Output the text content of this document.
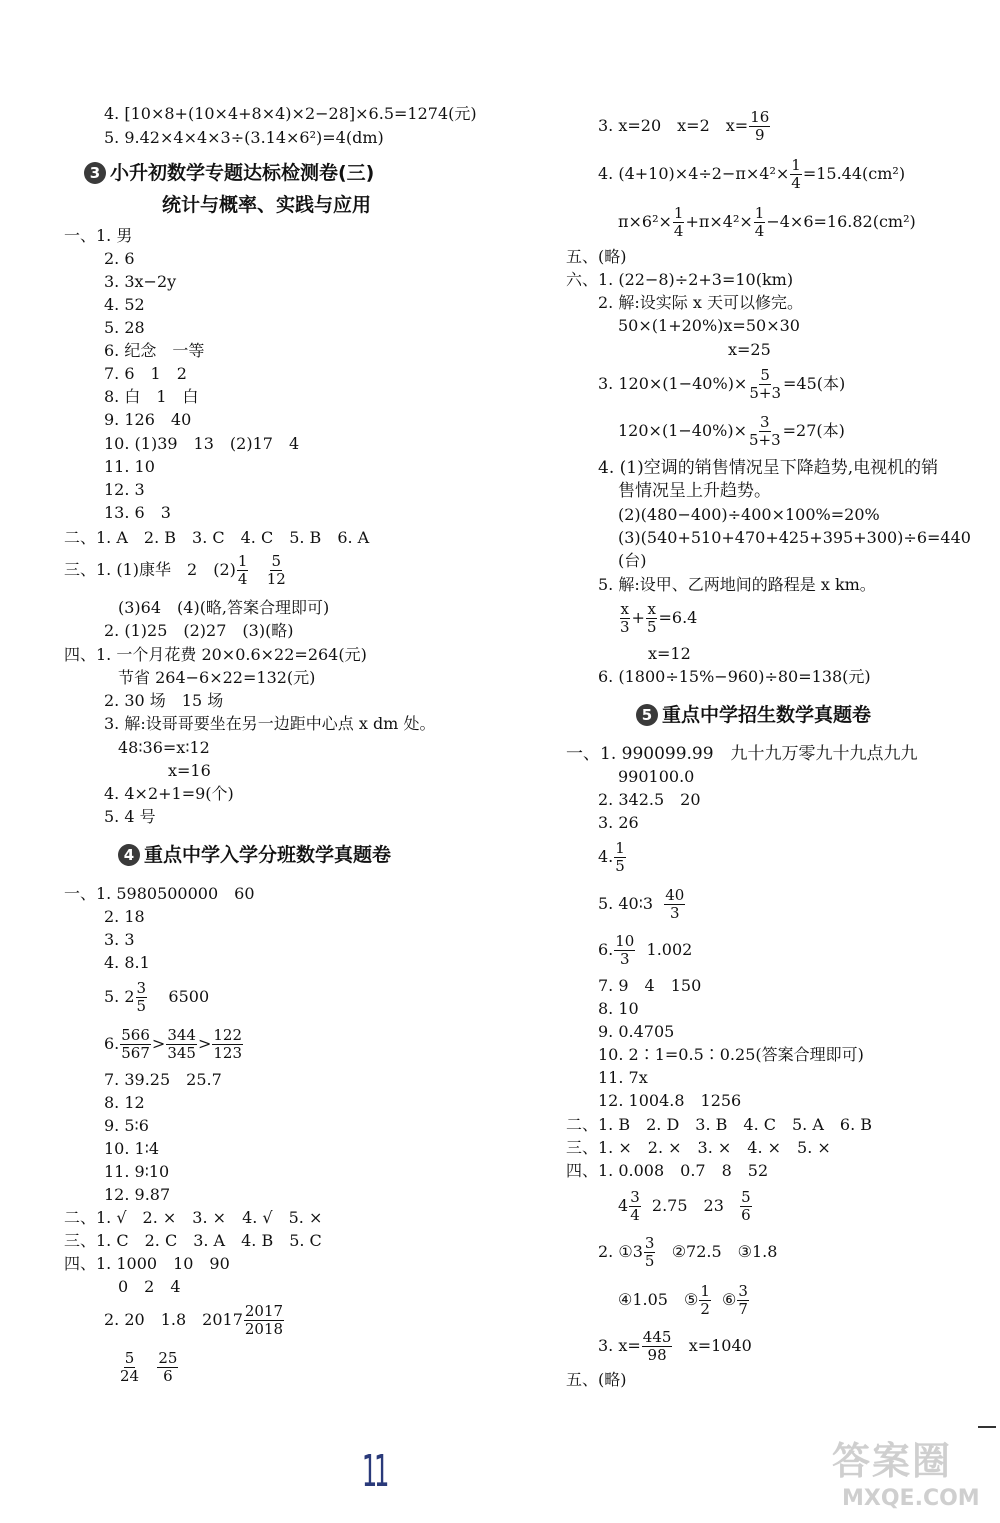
4. [10×8+(10×4+8×4)×2−28]×6.5=1274(元)
5. 9.42×4×4×3÷(3.14×6²)=4(dm)
3 小升初数学专题达标检测卷(三)
统计与概率、实践与应用
一、1. 男
2. 6
3. 3x−2y
4. 52
5. 28
6. 纪念　一等
7. 6　1　2
8. 白　1　白
9. 126　40
10. (1)39　13　(2)17　4
11. 10
12. 3
13. 6　3
二、1. A　2. B　3. C　4. C　5. B　6. A
三、1. (1)康华　2　$(2) \frac{1}{4}$
$\frac{5}{12}$
(3)64　(4)(略,答案合理即可)
2. (1)25　(2)27　(3)(略)
四、1. 一个月花费 20×0.6×22=264(元)
节省 264−6×22=132(元)
2. 30 场　15 场
3. 解:设哥哥要坐在另一边距中心点 x dm 处。
48∶36=x∶12
x=16
4. 4×2+1=9(个)
5. 4 号
4 重点中学入学分班数学真题卷
一、1. 5980500000　60
2. 18
3. 3
4. 8.1
5. $2 \frac{3}{5} 6500$
6. $\frac{566}{567} > \frac{344}{345} > \frac{122}{123}$
7. 39.25　25.7
8. 12
9. 5∶6
10. 1∶4
11. 9∶10
12. 9.87
二、1. √　2. ×　3. ×　4. √　5. ×
三、1. C　2. C　3. A　4. B　5. C
四、1. 1000　10　90
0　2　4
2. 20　1.8　$2017 \frac{2017}{2018}$
$\frac{5}{24}$
$\frac{25}{6}$
3. x=20　x=2　$x= \frac{16}{9}$
4. $(4+10)\times 4\div 2-\pi\times 4^2\times \frac{1}{4} =15.44(cm^2)$
$\pi\times 6^2\times \frac{1}{4} +\pi\times 4^2\times \frac{1}{4} -4\times 6=16.82(cm^2)$
五、(略)
六、1. (22−8)÷2+3=10(km)
2. 解:设实际 x 天可以修完。
50×(1+20%)x=50×30
x=25
3. $120\times(1-40\%)\times \frac{5}{5+3} =45$(本)
$120\times(1-40\%)\times \frac{3}{5+3} =27$(本)
4. (1)空调的销售情况呈下降趋势,电视机的销
售情况呈上升趋势。
(2)(480−400)÷400×100%=20%
(3)(540+510+470+425+395+300)÷6=440
(台)
5. 解:设甲、乙两地间的路程是 x km。
$\frac{x}{3} + \frac{x}{5} =6.4$
x=12
6. (1800÷15%−960)÷80=138(元)
5 重点中学招生数学真题卷
一、1. 990099.99　九十九万零九十九点九九
990100.0
2. 342.5　20
3. 26
4. $\frac{1}{5}$
5. 40∶3 $\frac{40}{3}$
6. $\frac{10}{3} 1.002$
7. 9　4　150
8. 10
9. 0.4705
10. 2∶1=0.5∶0.25(答案合理即可)
11. 7x
12. 1004.8　1256
二、1. B　2. D　3. B　4. C　5. A　6. B
三、1. ×　2. ×　3. ×　4. ×　5. ×
四、1. 0.008　0.7　8　52
$4 \frac{3}{4} 2.75$　$23 \frac{5}{6}$
2. ①3 $\frac{3}{5}$ ②72.5　③1.8
④1.05　⑤ $\frac{1}{2}$ ⑥ $\frac{3}{7}$
3. $x= \frac{445}{98} x=1040$
五、(略)
11	答案圈
MXQE.COM
